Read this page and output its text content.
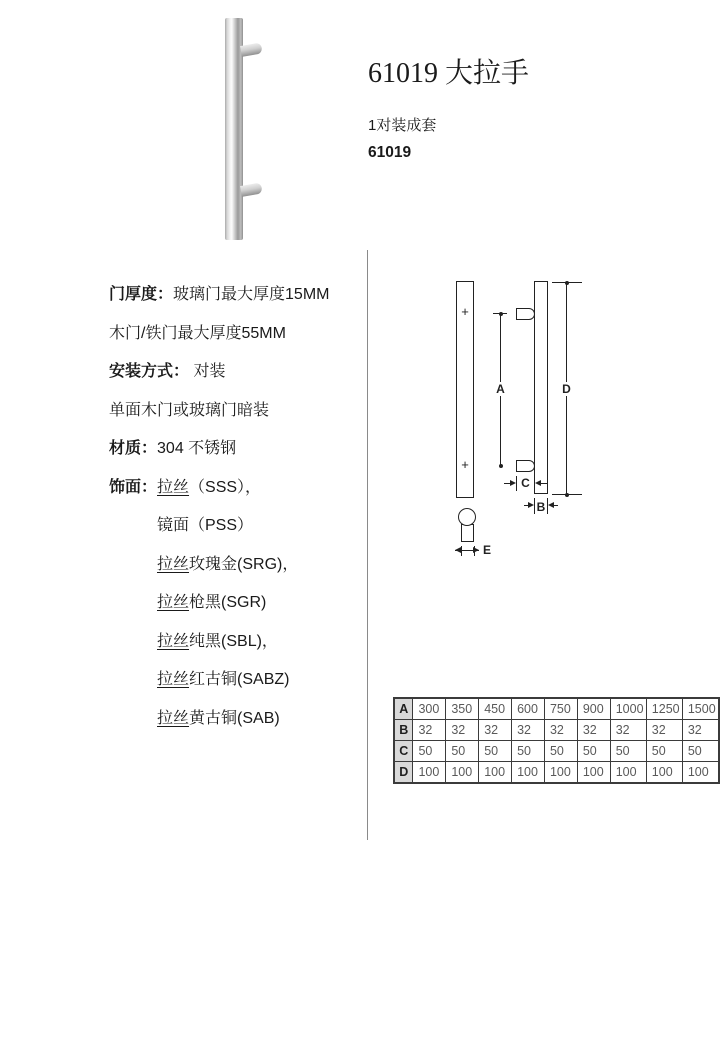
61019 大拉手
1对装成套
61019
门厚度：玻璃门最大厚度15MM
木门/铁门最大厚度55MM
安装方式： 对装
单面木门或玻璃门暗装
材质：304 不锈钢
饰面：拉丝（SSS），
镜面（PSS）
拉丝玫瑰金(SRG)，
拉丝枪黑(SGR)
拉丝纯黑(SBL)，
拉丝红古铜(SABZ)
拉丝黄古铜(SAB)
+
+
E
A	D
C
B
A	300	350	450	600	750	900	1000	1250	1500
B	32	32	32	32	32	32	32	32	32
C	50	50	50	50	50	50	50	50	50
D	100	100	100	100	100	100	100	100	100
